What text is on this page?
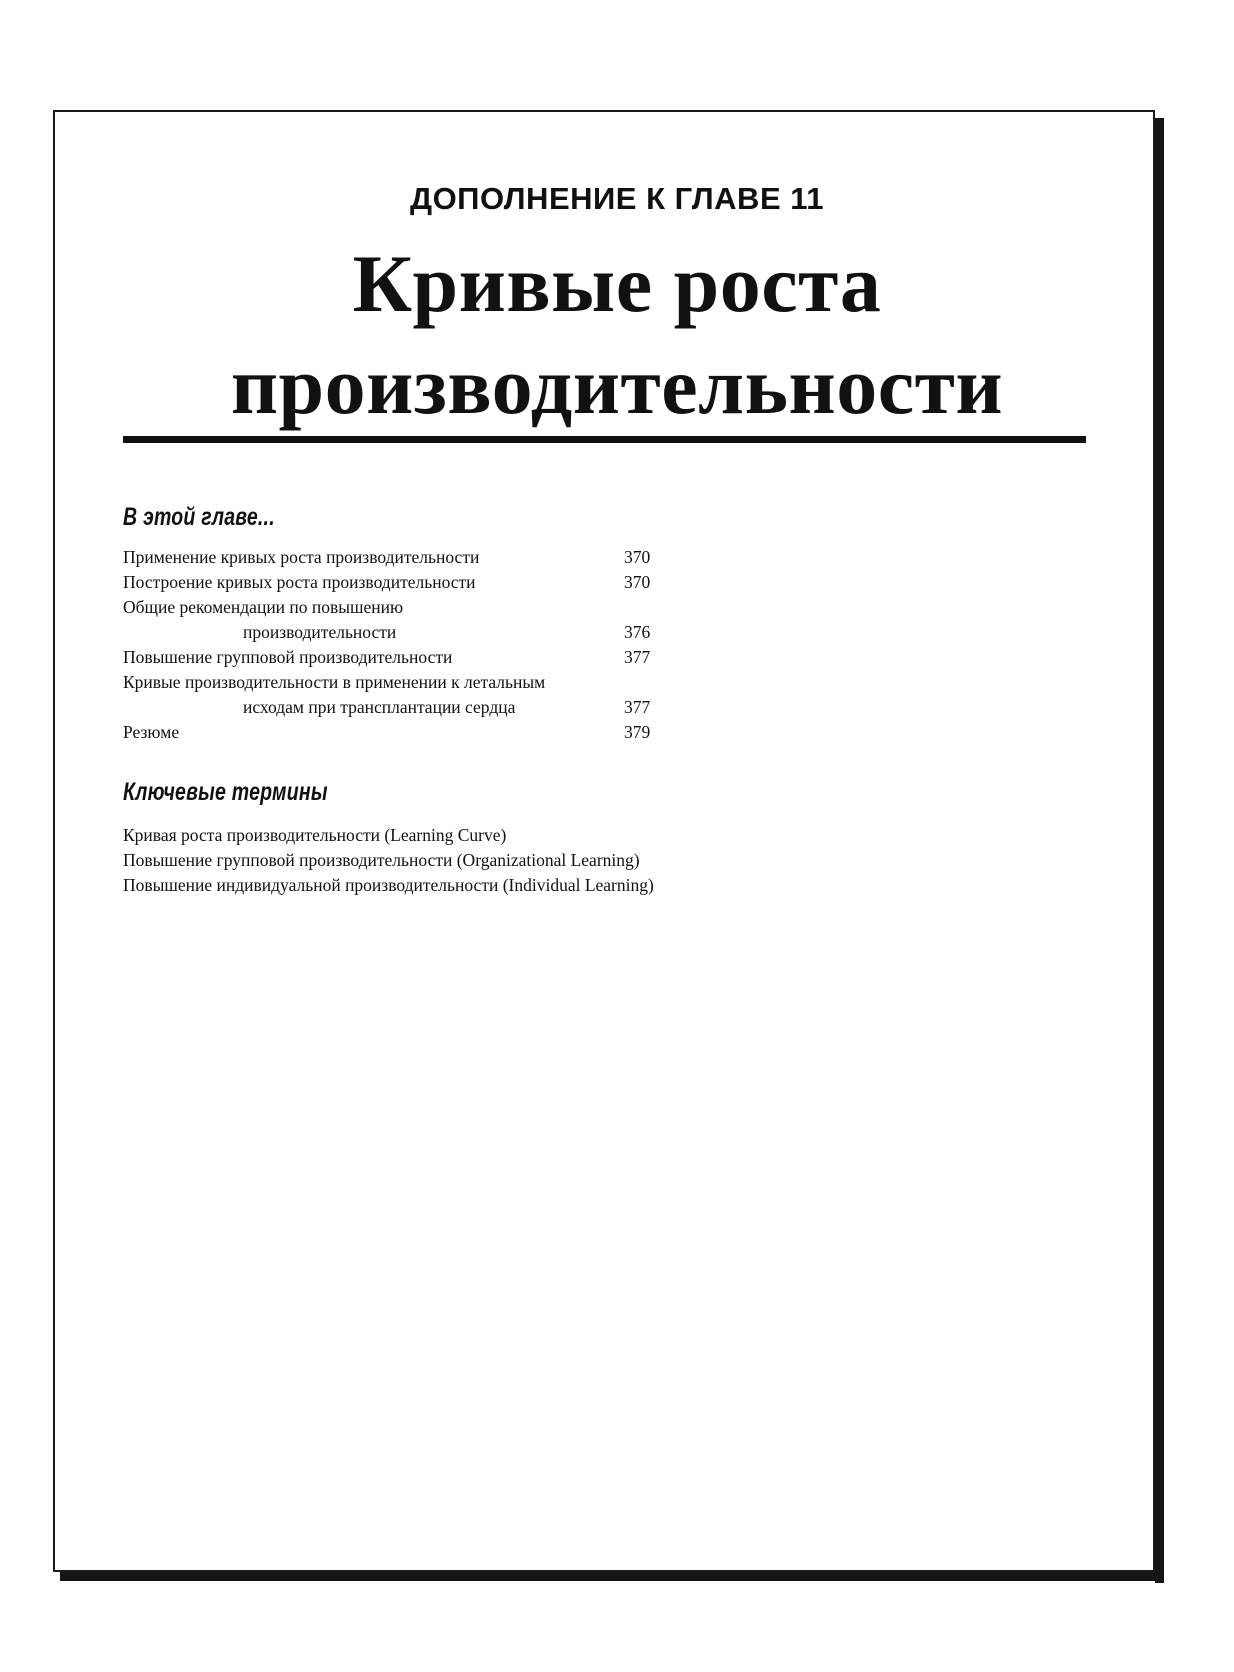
ДОПОЛНЕНИЕ К ГЛАВЕ 11

Кривые роста
производительности
В этой главе...
Применение кривых роста производительности	370
Построение кривых роста производительности	370
Общие рекомендации по повышению
производительности	376
Повышение групповой производительности	377
Кривые производительности в применении к летальным
исходам при трансплантации сердца	377
Резюме	379
Ключевые термины
Кривая роста производительности (Learning Curve)
Повышение групповой производительности (Organizational Learning)
Повышение индивидуальной производительности (Individual Learning)
